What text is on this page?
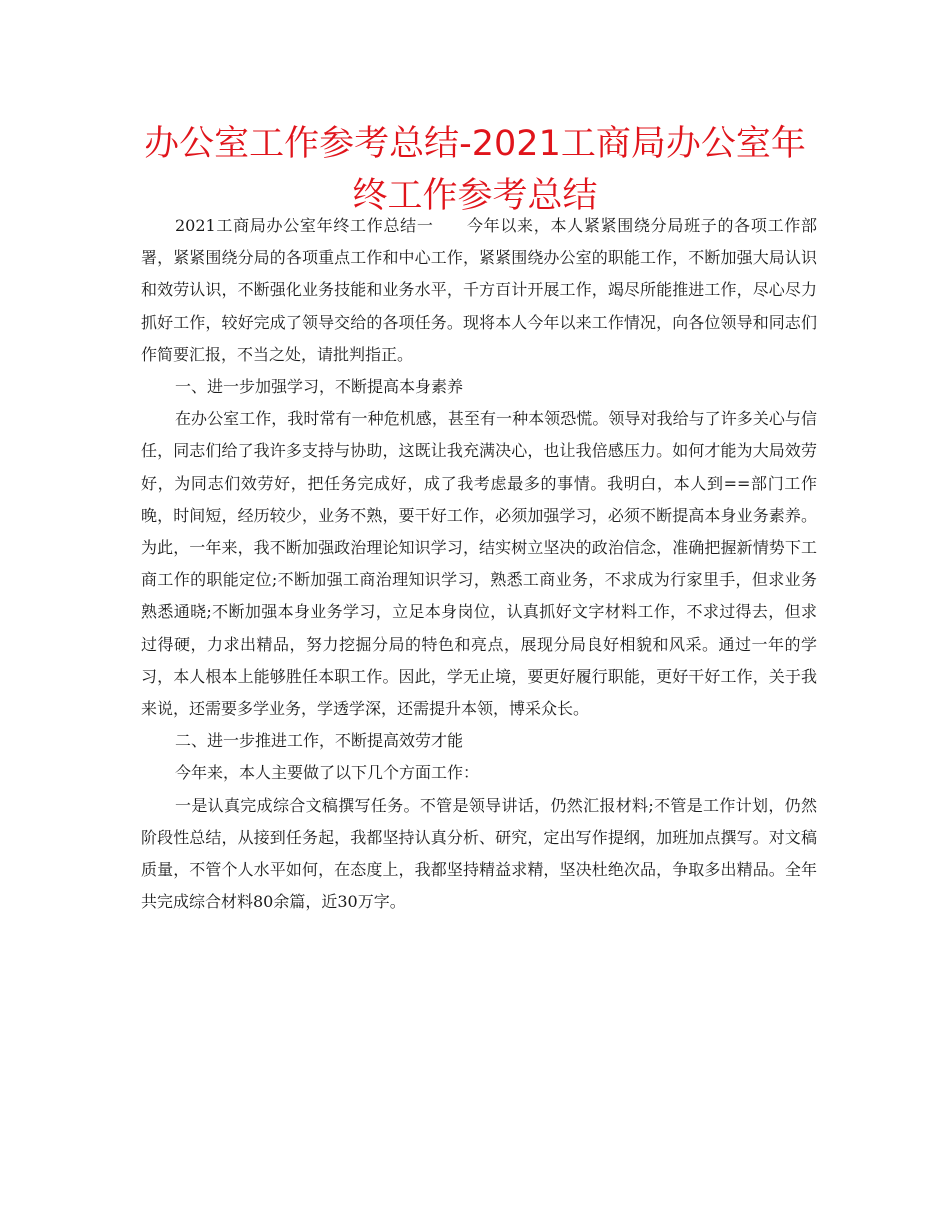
办公室工作参考总结-2021工商局办公室年终工作参考总结

2021工商局办公室年终工作总结一　　今年以来，本人紧紧围绕分局班子的各项工作部署，紧紧围绕分局的各项重点工作和中心工作，紧紧围绕办公室的职能工作，不断加强大局认识和效劳认识，不断强化业务技能和业务水平，千方百计开展工作，竭尽所能推进工作，尽心尽力抓好工作，较好完成了领导交给的各项任务。现将本人今年以来工作情况，向各位领导和同志们作简要汇报，不当之处，请批判指正。

一、进一步加强学习，不断提高本身素养

在办公室工作，我时常有一种危机感，甚至有一种本领恐慌。领导对我给与了许多关心与信任，同志们给了我许多支持与协助，这既让我充满决心，也让我倍感压力。如何才能为大局效劳好，为同志们效劳好，把任务完成好，成了我考虑最多的事情。我明白，本人到==部门工作晚，时间短，经历较少，业务不熟，要干好工作，必须加强学习，必须不断提高本身业务素养。为此，一年来，我不断加强政治理论知识学习，结实树立坚决的政治信念，准确把握新情势下工商工作的职能定位;不断加强工商治理知识学习，熟悉工商业务，不求成为行家里手，但求业务熟悉通晓;不断加强本身业务学习，立足本身岗位，认真抓好文字材料工作，不求过得去，但求过得硬，力求出精品，努力挖掘分局的特色和亮点，展现分局良好相貌和风采。通过一年的学习，本人根本上能够胜任本职工作。因此，学无止境，要更好履行职能，更好干好工作，关于我来说，还需要多学业务，学透学深，还需提升本领，博采众长。

二、进一步推进工作，不断提高效劳才能

今年来，本人主要做了以下几个方面工作：

一是认真完成综合文稿撰写任务。不管是领导讲话，仍然汇报材料;不管是工作计划，仍然阶段性总结，从接到任务起，我都坚持认真分析、研究，定出写作提纲，加班加点撰写。对文稿质量，不管个人水平如何，在态度上，我都坚持精益求精，坚决杜绝次品，争取多出精品。全年共完成综合材料80余篇，近30万字。
